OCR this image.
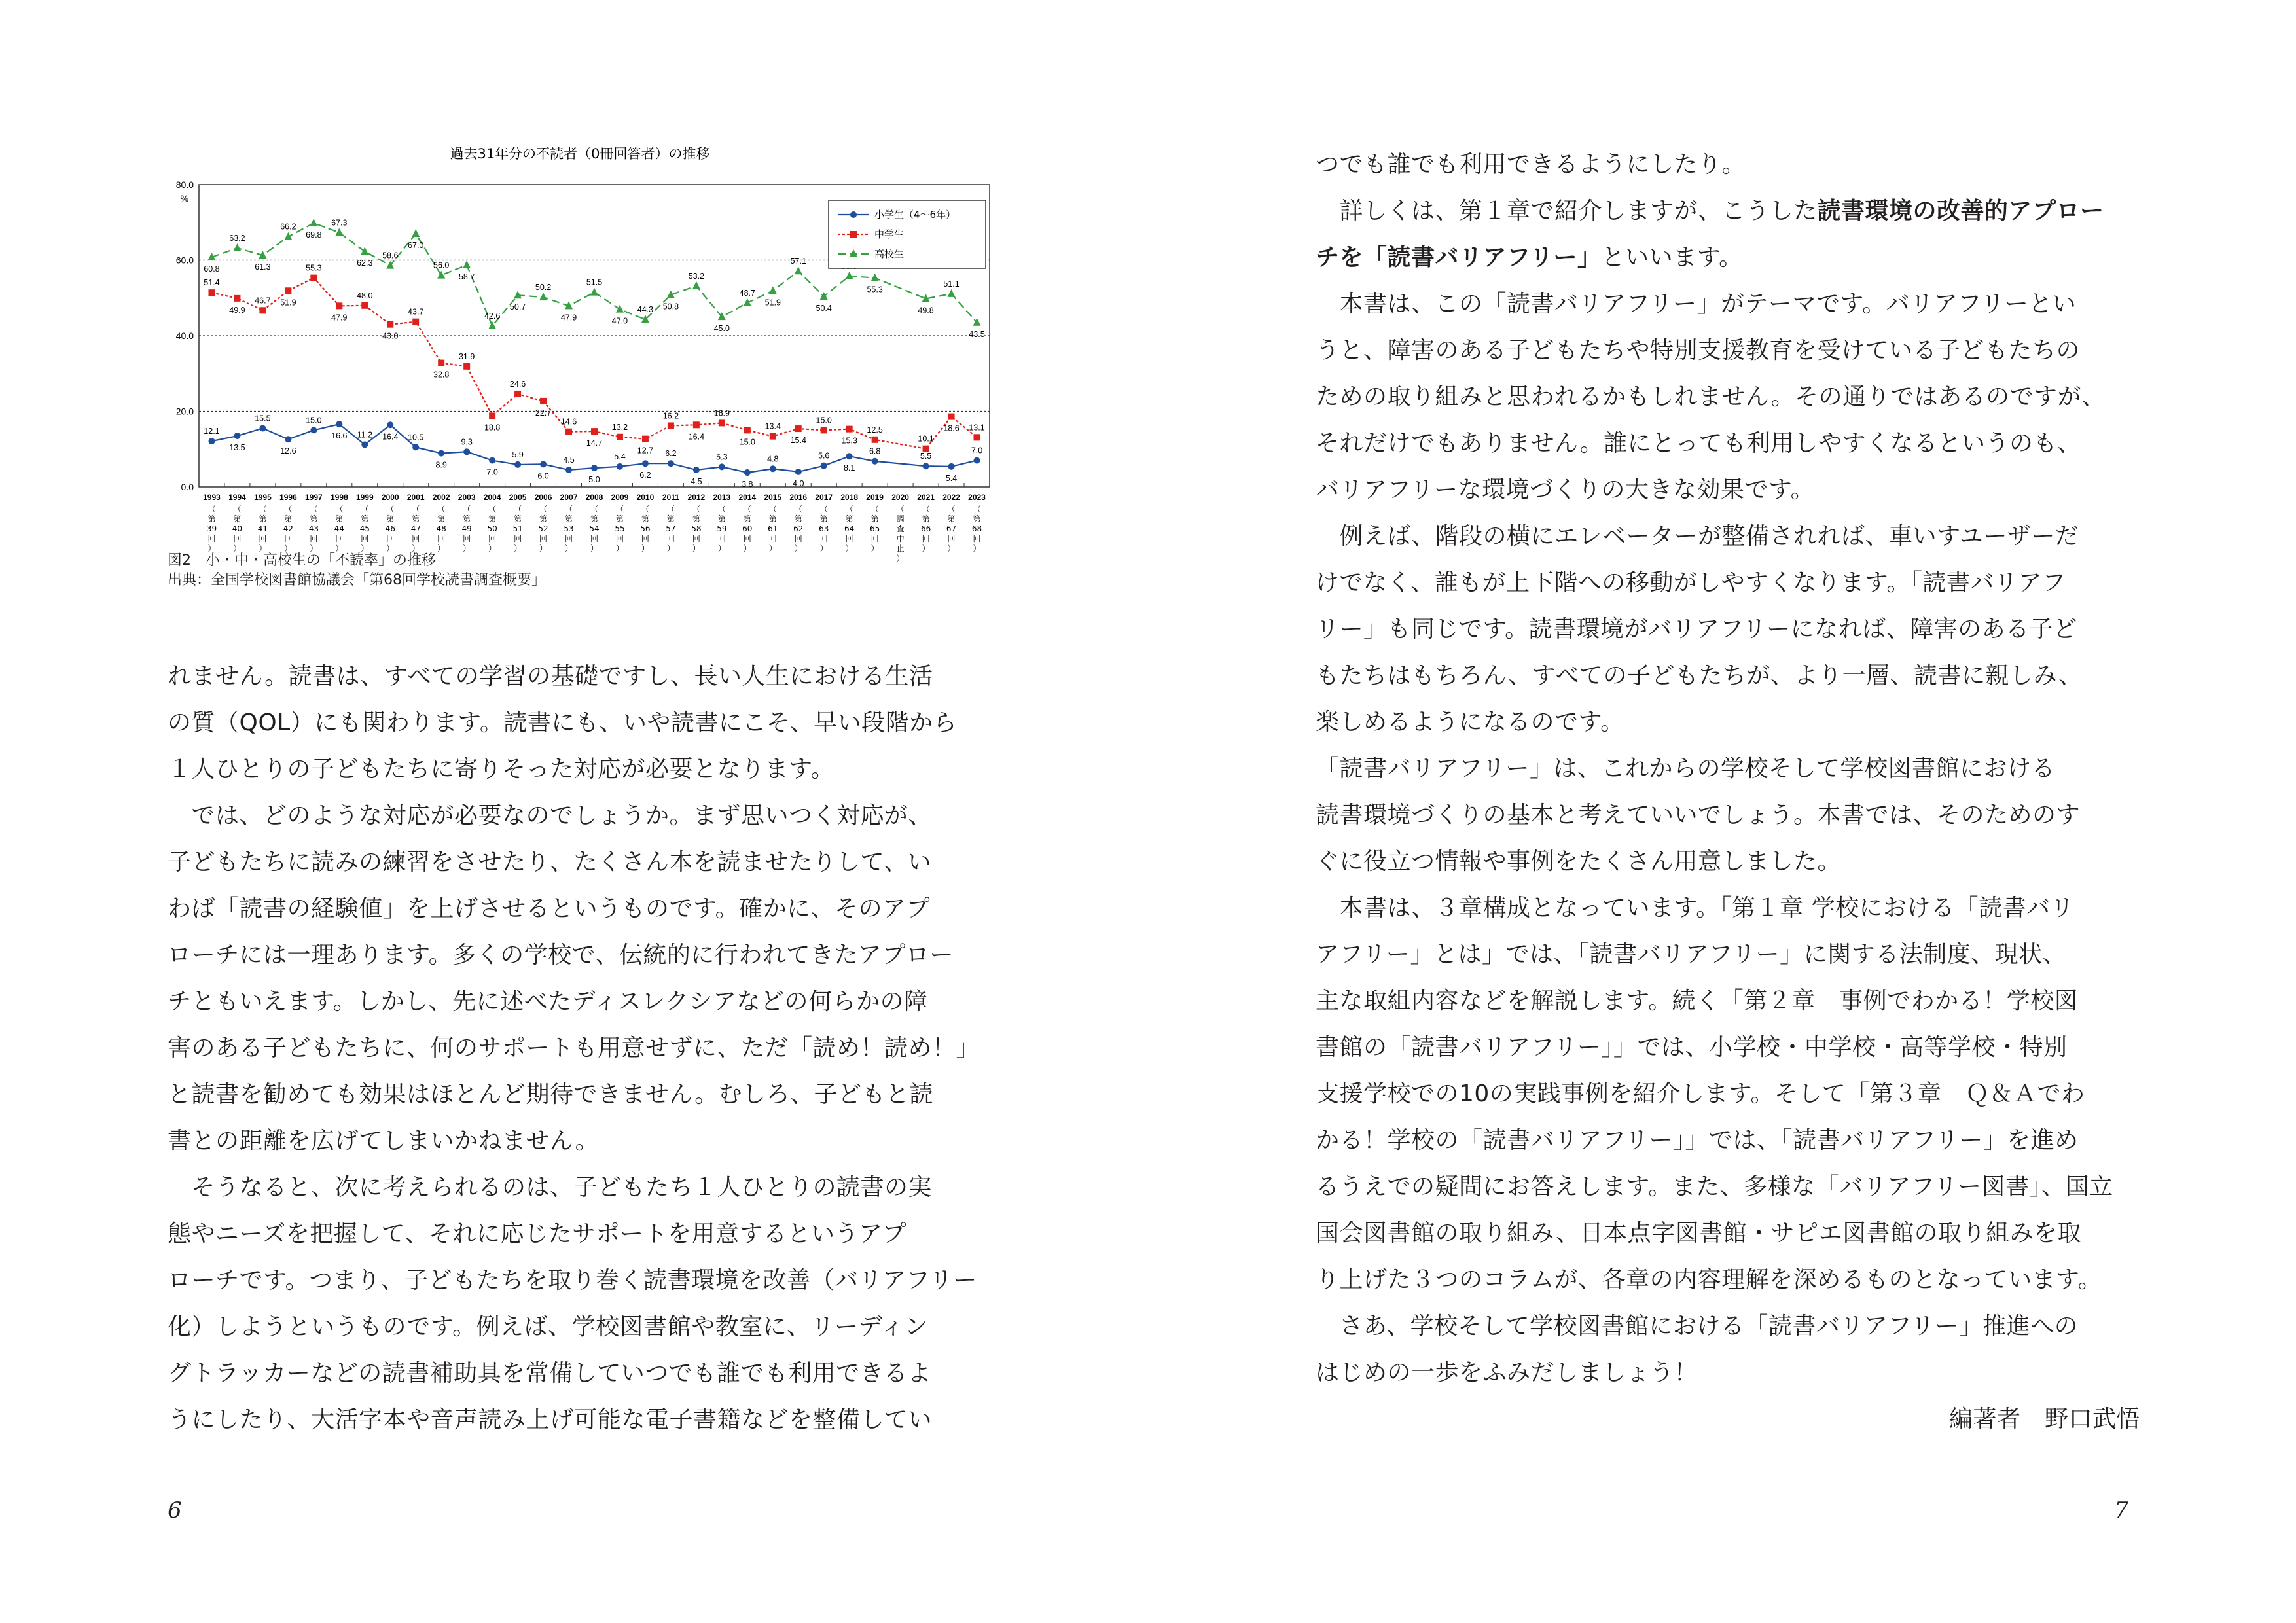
過去31年分の不読者（0冊回答者）の推移
%
0.0
20.0
40.0
60.0
80.0
1993
（
第
39
回
）
1994
（
第
40
回
）
1995
（
第
41
回
）
1996
（
第
42
回
）
1997
（
第
43
回
）
1998
（
第
44
回
）
1999
（
第
45
回
）
2000
（
第
46
回
）
2001
（
第
47
回
）
2002
（
第
48
回
）
2003
（
第
49
回
）
2004
（
第
50
回
）
2005
（
第
51
回
）
2006
（
第
52
回
）
2007
（
第
53
回
）
2008
（
第
54
回
）
2009
（
第
55
回
）
2010
（
第
56
回
）
2011
（
第
57
回
）
2012
（
第
58
回
）
2013
（
第
59
回
）
2014
（
第
60
回
）
2015
（
第
61
回
）
2016
（
第
62
回
）
2017
（
第
63
回
）
2018
（
第
64
回
）
2019
（
第
65
回
）
2020
（
調
査
中
止
）
2021
（
第
66
回
）
2022
（
第
67
回
）
2023
（
第
68
回
）
12.1
13.5
15.5
12.6
15.0
16.6 11.2 16.4 10.5
8.9
9.3
7.0
5.9
6.0
4.5
5.0
5.4
6.2
6.2
4.5
5.3
3.8
4.8
4.0
5.6
8.1
6.8
5.5
5.4
7.0
51.4
49.9
46.7 51.9
55.3
47.9
48.0
43.0
43.7
32.8
31.9
18.8
24.6
22.7
14.6
14.7
13.2
12.7
16.2
16.4
16.9
15.0
13.4
15.4
15.0
15.3
12.5
10.1
18.6 13.1
60.8
63.2
61.3
66.2
69.8
67.3
62.3
58.6
67.0
56.0
58.7
42.6
50.7
50.2
47.9
51.5
47.0
44.3 50.8
53.2
45.0
48.7
51.9
57.1
50.4
55.3
49.8
51.1
43.5
小学生（4〜6年）
中学生
高校生
図2　小・中・高校生の「不読率」の推移
出典：全国学校図書館協議会「第68回学校読書調査概要」
れません。読書は、すべての学習の基礎ですし、長い人生における生活
の質（QOL）にも関わります。読書にも、いや読書にこそ、早い段階から
１人ひとりの子どもたちに寄りそった対応が必要となります。
　では、どのような対応が必要なのでしょうか。まず思いつく対応が、
子どもたちに読みの練習をさせたり、たくさん本を読ませたりして、い
わば「読書の経験値」を上げさせるというものです。確かに、そのアプ
ローチには一理あります。多くの学校で、伝統的に行われてきたアプロー
チともいえます。しかし、先に述べたディスレクシアなどの何らかの障
害のある子どもたちに、何のサポートも用意せずに、ただ「読め！読め！」
と読書を勧めても効果はほとんど期待できません。むしろ、子どもと読
書との距離を広げてしまいかねません。
　そうなると、次に考えられるのは、子どもたち１人ひとりの読書の実
態やニーズを把握して、それに応じたサポートを用意するというアプ
ローチです。つまり、子どもたちを取り巻く読書環境を改善（バリアフリー
化）しようというものです。例えば、学校図書館や教室に、リーディン
グトラッカーなどの読書補助具を常備していつでも誰でも利用できるよ
うにしたり、大活字本や音声読み上げ可能な電子書籍などを整備してい
6
つでも誰でも利用できるようにしたり。
　詳しくは、第１章で紹介しますが、こうした読書環境の改善的アプロー
チを「読書バリアフリー」といいます。
　本書は、この「読書バリアフリー」がテーマです。バリアフリーとい
うと、障害のある子どもたちや特別支援教育を受けている子どもたちの
ための取り組みと思われるかもしれません。その通りではあるのですが、
それだけでもありません。誰にとっても利用しやすくなるというのも、
バリアフリーな環境づくりの大きな効果です。
　例えば、階段の横にエレベーターが整備されれば、車いすユーザーだ
けでなく、誰もが上下階への移動がしやすくなります。「読書バリアフ
リー」も同じです。読書環境がバリアフリーになれば、障害のある子ど
もたちはもちろん、すべての子どもたちが、より一層、読書に親しみ、
楽しめるようになるのです。
「読書バリアフリー」は、これからの学校そして学校図書館における
読書環境づくりの基本と考えていいでしょう。本書では、そのためのす
ぐに役立つ情報や事例をたくさん用意しました。
　本書は、３章構成となっています。「第１章 学校における「読書バリ
アフリー」とは」では、「読書バリアフリー」に関する法制度、現状、
主な取組内容などを解説します。続く「第２章　事例でわかる！学校図
書館の「読書バリアフリー」」では、小学校・中学校・高等学校・特別
支援学校での10の実践事例を紹介します。そして「第３章　Ｑ＆Ａでわ
かる！学校の「読書バリアフリー」」では、「読書バリアフリー」を進め
るうえでの疑問にお答えします。また、多様な「バリアフリー図書」、国立
国会図書館の取り組み、日本点字図書館・サピエ図書館の取り組みを取
り上げた３つのコラムが、各章の内容理解を深めるものとなっています。
　さあ、学校そして学校図書館における「読書バリアフリー」推進への
はじめの一歩をふみだしましょう！
編著者　野口武悟
7
